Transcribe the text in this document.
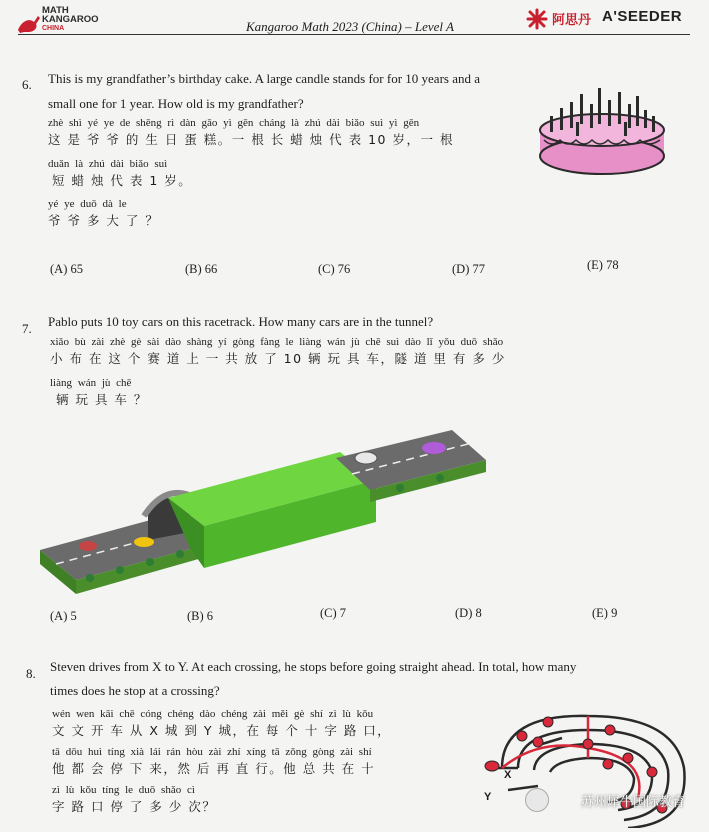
MATH
KANGAROO
CHINA	Kangaroo Math 2023 (China) – Level A	阿思丹 A'SEEDER
6. This is my grandfather’s birthday cake. A large candle stands for for 10 years and a
small one for 1 year. How old is my grandfather?
zhè shì yé ye de shēng rì dàn gāo yì gēn cháng là zhú dài biǎo suì yì gēn
这 是 爷 爷 的 生 日 蛋 糕。一 根 长 蜡 烛 代 表 10 岁，一 根
duǎn là zhú dài biǎo suì
短 蜡 烛 代 表 1 岁。
yé ye duō dà le
爷 爷 多 大 了 ？
(A) 65	(B) 66	(C) 76	(D) 77	(E) 78
7. Pablo puts 10 toy cars on this racetrack. How many cars are in the tunnel?
xiǎo bù zài zhè gè sài dào shàng yí gòng fàng le liàng wán jù chē suì dào lǐ yǒu duō shǎo
小 布 在 这 个 赛 道 上 一 共 放 了 10 辆 玩 具 车，隧 道 里 有 多 少
liàng wán jù chē
辆 玩 具 车 ？
(A) 5	(B) 6	(C) 7	(D) 8	(E) 9
8. Steven drives from X to Y. At each crossing, he stops before going straight ahead. In total, how many
times does he stop at a crossing?
wén wen kāi chē cóng chéng dào chéng zài měi gè shí zì lù kǒu
文 文 开 车 从 X 城 到 Y 城，在 每 个 十 字 路 口，
tā dōu huì tíng xià lái rán hòu zài zhí xíng tā zǒng gòng zài shí
他 都 会 停 下 来，然 后 再 直 行。他 总 共 在 十
zì lù kǒu tíng le duō shǎo cì
字 路 口 停 了 多 少 次？
X
Y	苏州犀牛国际教育
